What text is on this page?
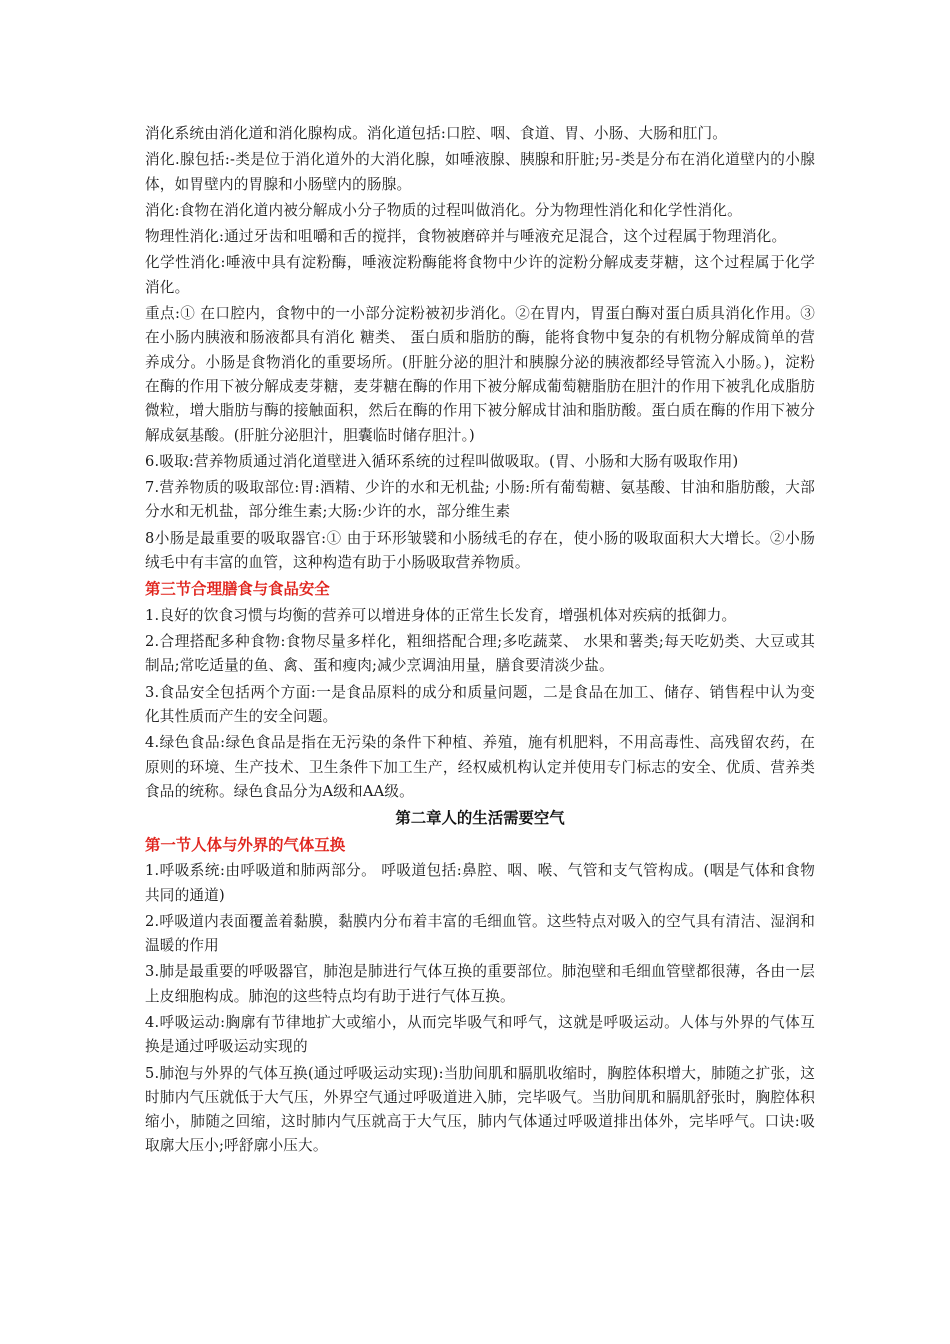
消化系统由消化道和消化腺构成。消化道包括:口腔、咽、食道、胃、小肠、大肠和肛门。

消化.腺包括:-类是位于消化道外的大消化腺，如唾液腺、胰腺和肝脏;另-类是分布在消化道壁内的小腺体，如胃壁内的胃腺和小肠壁内的肠腺。

消化:食物在消化道内被分解成小分子物质的过程叫做消化。分为物理性消化和化学性消化。

物理性消化:通过牙齿和咀嚼和舌的搅拌，食物被磨碎并与唾液充足混合，这个过程属于物理消化。

化学性消化:唾液中具有淀粉酶，唾液淀粉酶能将食物中少许的淀粉分解成麦芽糖，这个过程属于化学消化。

重点:① 在口腔内，食物中的一小部分淀粉被初步消化。②在胃内，胃蛋白酶对蛋白质具消化作用。③在小肠内胰液和肠液都具有消化 糖类、 蛋白质和脂肪的酶，能将食物中复杂的有机物分解成简单的营养成分。小肠是食物消化的重要场所。(肝脏分泌的胆汁和胰腺分泌的胰液都经导管流入小肠。)，淀粉在酶的作用下被分解成麦芽糖，麦芽糖在酶的作用下被分解成葡萄糖脂肪在胆汁的作用下被乳化成脂肪微粒，增大脂肪与酶的接触面积，然后在酶的作用下被分解成甘油和脂肪酸。蛋白质在酶的作用下被分解成氨基酸。(肝脏分泌胆汁，胆囊临时储存胆汁。)

6.吸取:营养物质通过消化道壁进入循环系统的过程叫做吸取。(胃、小肠和大肠有吸取作用)

7.营养物质的吸取部位:胃:酒精、少许的水和无机盐; 小肠:所有葡萄糖、氨基酸、甘油和脂肪酸，大部分水和无机盐，部分维生素;大肠:少许的水，部分维生素

8小肠是最重要的吸取器官:① 由于环形皱襞和小肠绒毛的存在，使小肠的吸取面积大大增长。②小肠绒毛中有丰富的血管，这种构造有助于小肠吸取营养物质。

第三节合理膳食与食品安全

1.良好的饮食习惯与均衡的营养可以增进身体的正常生长发育，增强机体对疾病的抵御力。

2.合理搭配多种食物:食物尽量多样化，粗细搭配合理;多吃蔬菜、 水果和薯类;每天吃奶类、大豆或其制品;常吃适量的鱼、禽、蛋和瘦肉;减少烹调油用量，膳食要清淡少盐。

3.食品安全包括两个方面:一是食品原料的成分和质量问题，二是食品在加工、储存、销售程中认为变化其性质而产生的安全问题。

4.绿色食品:绿色食品是指在无污染的条件下种植、养殖，施有机肥料，不用高毒性、高残留农药，在原则的环境、生产技术、卫生条件下加工生产，经权威机构认定并使用专门标志的安全、优质、营养类食品的统称。绿色食品分为A级和AA级。

第二章人的生活需要空气
第一节人体与外界的气体互换

1.呼吸系统:由呼吸道和肺两部分。 呼吸道包括:鼻腔、咽、喉、气管和支气管构成。(咽是气体和食物共同的通道)

2.呼吸道内表面覆盖着黏膜，黏膜内分布着丰富的毛细血管。这些特点对吸入的空气具有清洁、湿润和温暖的作用

3.肺是最重要的呼吸器官，肺泡是肺进行气体互换的重要部位。肺泡壁和毛细血管壁都很薄，各由一层上皮细胞构成。肺泡的这些特点均有助于进行气体互换。

4.呼吸运动:胸廓有节律地扩大或缩小，从而完毕吸气和呼气，这就是呼吸运动。人体与外界的气体互换是通过呼吸运动实现的

5.肺泡与外界的气体互换(通过呼吸运动实现):当肋间肌和膈肌收缩时，胸腔体积增大，肺随之扩张，这时肺内气压就低于大气压，外界空气通过呼吸道进入肺，完毕吸气。当肋间肌和膈肌舒张时，胸腔体积缩小，肺随之回缩，这时肺内气压就高于大气压，肺内气体通过呼吸道排出体外，完毕呼气。口诀:吸取廓大压小;呼舒廓小压大。
